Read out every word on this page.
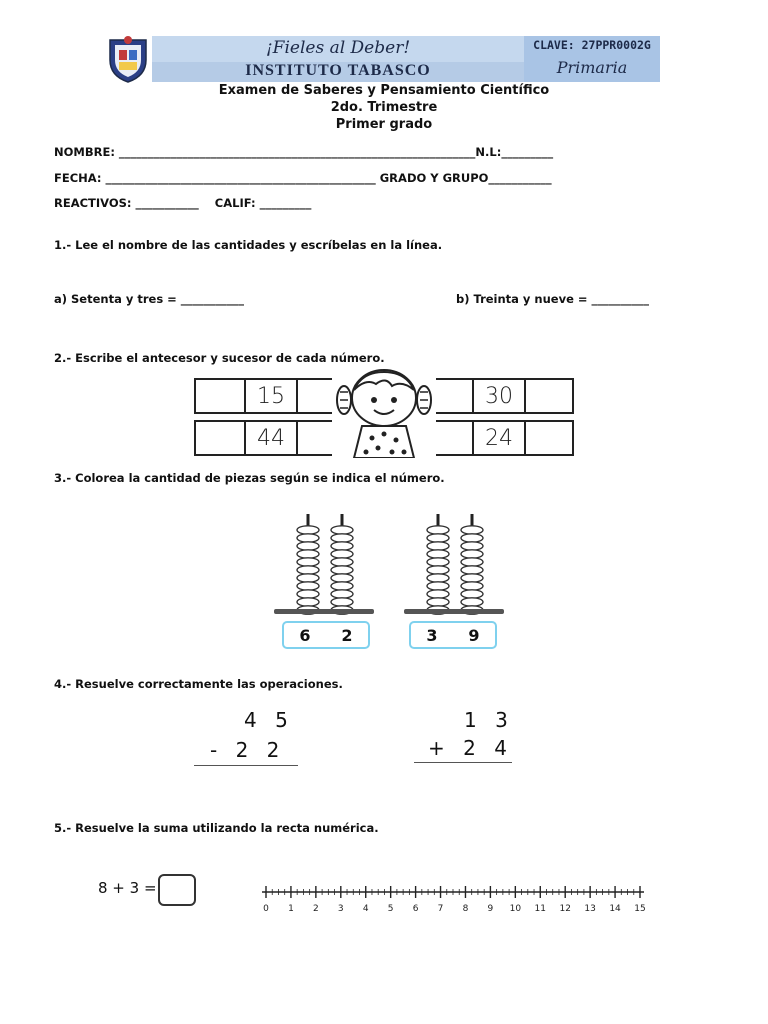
¡Fieles al Deber!
INSTITUTO TABASCO
CLAVE: 27PPR0002G
Primaria
Examen de Saberes y Pensamiento Científico
2do. Trimestre
Primer grado
NOMBRE: ______________________________________________________________N.L:_________
FECHA: _______________________________________________ GRADO Y GRUPO___________
REACTIVOS: ___________    CALIF: _________
1.- Lee el nombre de las cantidades y escríbelas en la línea.
a) Setenta y tres = ___________	b) Treinta y nueve = __________
2.- Escribe el antecesor y sucesor de cada número.
15
44
30
24
3.- Colorea la cantidad de piezas según se indica el número.
6 2	3 9
4.- Resuelve correctamente las operaciones.
4 5
- 2 2
1 3
+ 2 4
5.- Resuelve la suma utilizando la recta numérica.
8 + 3 =
0 1 2 3 4 5 6 7 8 9 10 11 12 13 14 15
